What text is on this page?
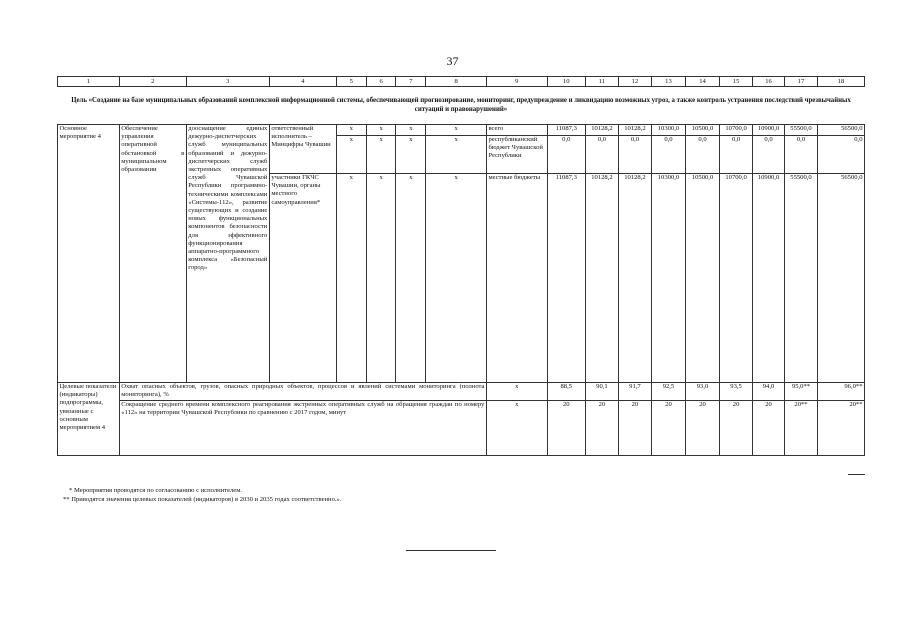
37
1	2	3	4	5	6	7	8	9	10	11	12	13	14	15	16	17	18
Цель «Создание на базе муниципальных образований комплексной информационной системы, обеспечивающей прогнозирование, мониторинг, предупреждение и ликвидацию возможных угроз, а также контроль устранения последствий чрезвычайных ситуаций и правонарушений»																	
Основное мероприятие 4	Обеспечение управления оперативной обстановкой в муниципальном образовании	дооснащение единых дежурно-диспетчерских служб муниципальных образований и дежурно-диспетчерских служб экстренных оперативных служб Чувашской Республики программно-техническими комплексами «Системы-112», развитие существующих и создание новых функциональных компонентов безопасности для эффективного функционирования аппаратно-программного комплекса «Безопасный город»	ответственный исполнитель – Минцифры Чувашии	x	x	x	x	всего	11087,3	10128,2	10128,2	10300,0	10500,0	10700,0	10900,0	55500,0	56500,0
				x	x	x	x	республиканский бюджет Чувашской Республики	0,0	0,0	0,0	0,0	0,0	0,0	0,0	0,0	0,0
			участники ГКЧС Чувашии, органы местного самоуправления*	x	x	x	x	местные бюджеты	11087,3	10128,2	10128,2	10300,0	10500,0	10700,0	10900,0	55500,0	56500,0
Целевые показатели (индикаторы) подпрограммы, увязанные с основным мероприятием 4	Охват опасных объектов, грузов, опасных природных объектов, процессов и явлений системами мониторинга (полнота мониторинга), %							x	88,5	90,1	91,7	92,5	93,0	93,5	94,0	95,0**	96,0**
	Сокращение среднего времени комплексного реагирования экстренных оперативных служб на обращения граждан по номеру «112» на территории Чувашской Республики по сравнению с 2017 годом, минут							x	20	20	20	20	20	20	20	20**	20**
* Мероприятия проводятся по согласованию с исполнителем.
** Приводятся значения целевых показателей (индикаторов) в 2030 и 2035 годах соответственно.».
